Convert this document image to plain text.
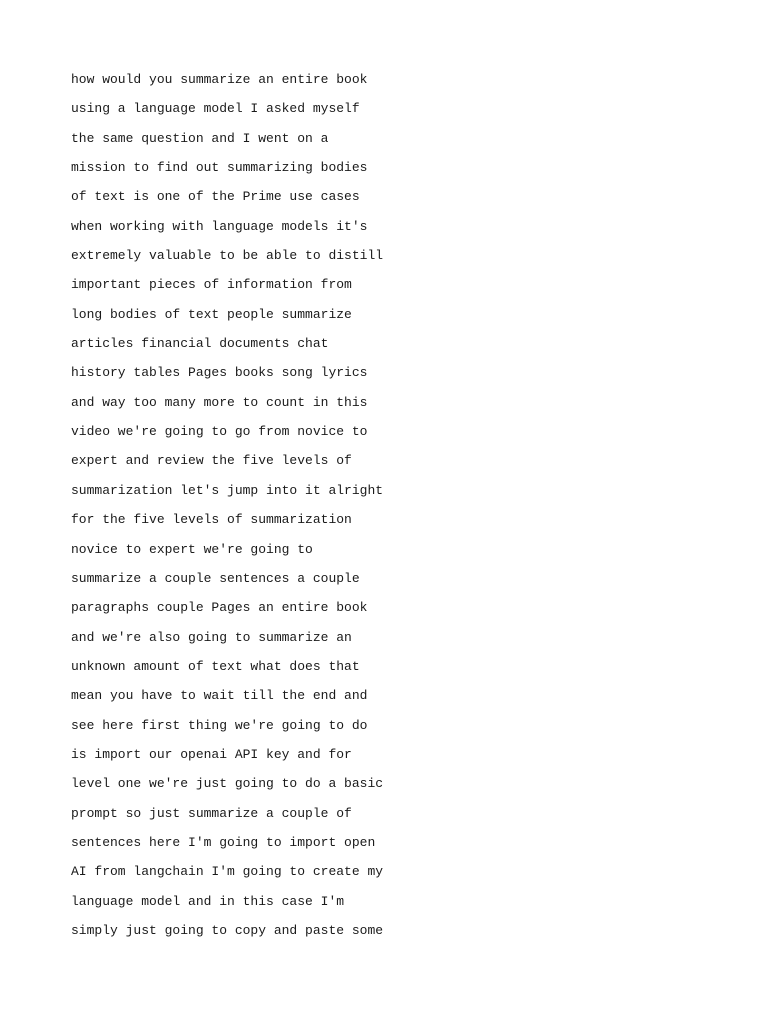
how would you summarize an entire book

using a language model I asked myself

the same question and I went on a

mission to find out summarizing bodies

of text is one of the Prime use cases

when working with language models it's

extremely valuable to be able to distill

important pieces of information from

long bodies of text people summarize

articles financial documents chat

history tables Pages books song lyrics

and way too many more to count in this

video we're going to go from novice to

expert and review the five levels of

summarization let's jump into it alright

for the five levels of summarization

novice to expert we're going to

summarize a couple sentences a couple

paragraphs couple Pages an entire book

and we're also going to summarize an

unknown amount of text what does that

mean you have to wait till the end and

see here first thing we're going to do

is import our openai API key and for

level one we're just going to do a basic

prompt so just summarize a couple of

sentences here I'm going to import open

AI from langchain I'm going to create my

language model and in this case I'm

simply just going to copy and paste some
